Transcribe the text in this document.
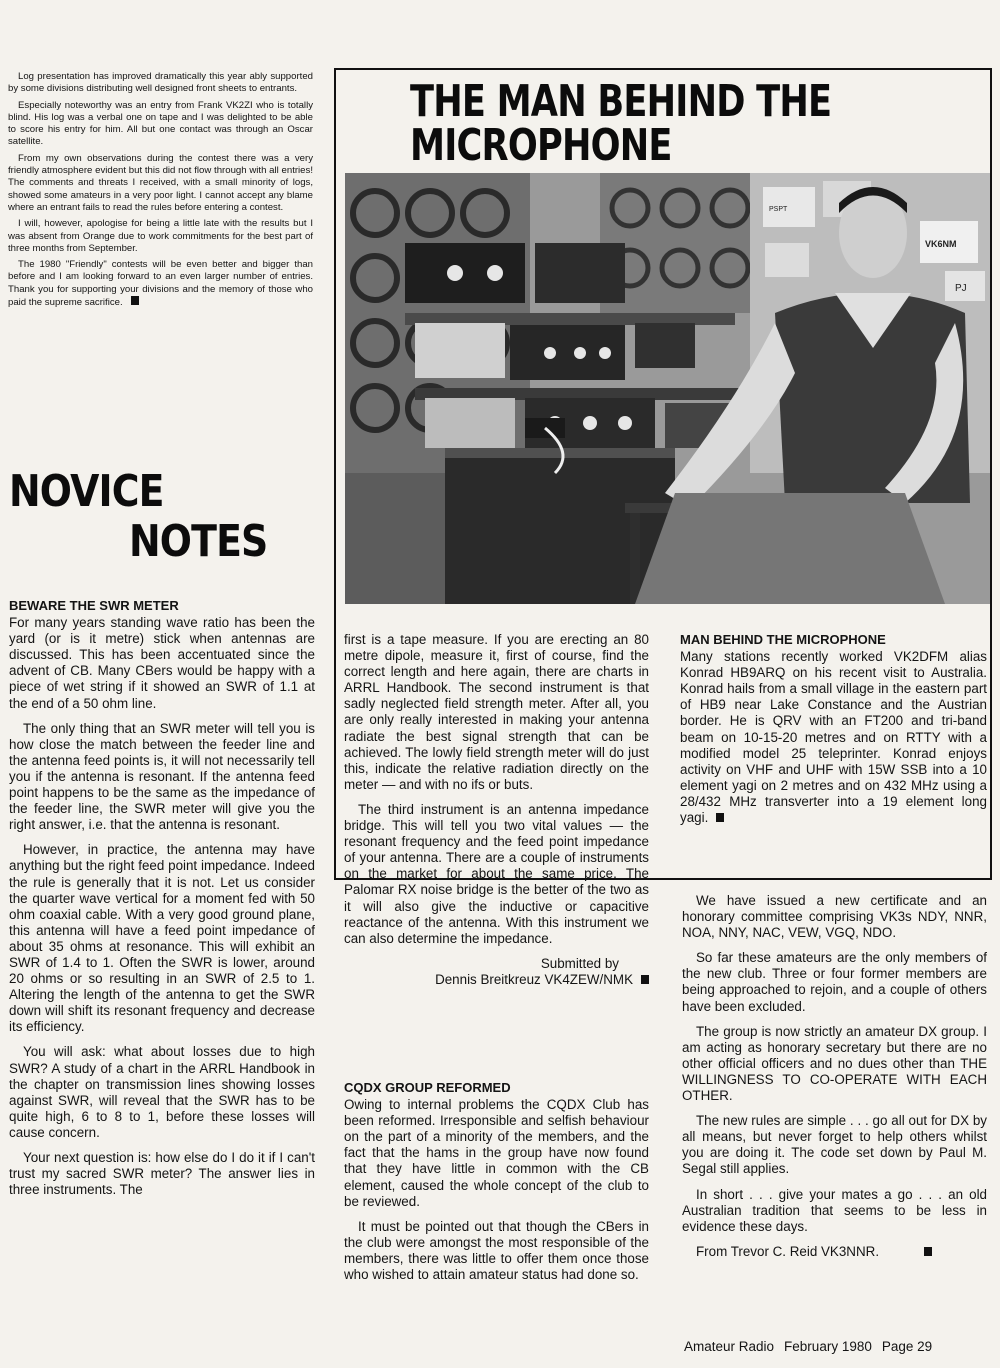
Log presentation has improved dramatically this year ably supported by some divisions distributing well designed front sheets to entrants.

Especially noteworthy was an entry from Frank VK2ZI who is totally blind. His log was a verbal one on tape and I was delighted to be able to score his entry for him. All but one contact was through an Oscar satellite.

From my own observations during the contest there was a very friendly atmosphere evident but this did not flow through with all entries! The comments and threats I received, with a small minority of logs, showed some amateurs in a very poor light. I cannot accept any blame where an entrant fails to read the rules before entering a contest.

I will, however, apologise for being a little late with the results but I was absent from Orange due to work commitments for the best part of three months from September.

The 1980 "Friendly" contests will be even better and bigger than before and I am looking forward to an even larger number of entries. Thank you for supporting your divisions and the memory of those who paid the supreme sacrifice.

NOVICE
NOTES
BEWARE THE SWR METER

For many years standing wave ratio has been the yard (or is it metre) stick when antennas are discussed. This has been accentuated since the advent of CB. Many CBers would be happy with a piece of wet string if it showed an SWR of 1.1 at the end of a 50 ohm line.

The only thing that an SWR meter will tell you is how close the match between the feeder line and the antenna feed points is, it will not necessarily tell you if the antenna is resonant. If the antenna feed point happens to be the same as the impedance of the feeder line, the SWR meter will give you the right answer, i.e. that the antenna is resonant.

However, in practice, the antenna may have anything but the right feed point impedance. Indeed the rule is generally that it is not. Let us consider the quarter wave vertical for a moment fed with 50 ohm coaxial cable. With a very good ground plane, this antenna will have a feed point impedance of about 35 ohms at resonance. This will exhibit an SWR of 1.4 to 1. Often the SWR is lower, around 20 ohms or so resulting in an SWR of 2.5 to 1. Altering the length of the antenna to get the SWR down will shift its resonant frequency and decrease its efficiency.

You will ask: what about losses due to high SWR? A study of a chart in the ARRL Handbook in the chapter on transmission lines showing losses against SWR, will reveal that the SWR has to be quite high, 6 to 8 to 1, before these losses will cause concern.

Your next question is: how else do I do it if I can't trust my sacred SWR meter? The answer lies in three instruments. The

THE MAN BEHIND THE
MICROPHONE
PSPT
VK6NM
PJ
MAN BEHIND THE MICROPHONE

Many stations recently worked VK2DFM alias Konrad HB9ARQ on his recent visit to Australia. Konrad hails from a small village in the eastern part of HB9 near Lake Constance and the Austrian border. He is QRV with an FT200 and tri-band beam on 10-15-20 metres and on RTTY with a modified model 25 teleprinter. Konrad enjoys activity on VHF and UHF with 15W SSB into a 10 element yagi on 2 metres and on 432 MHz using a 28/432 MHz transverter into a 19 element long yagi.

first is a tape measure. If you are erecting an 80 metre dipole, measure it, first of course, find the correct length and here again, there are charts in ARRL Handbook. The second instrument is that sadly neglected field strength meter. After all, you are only really interested in making your antenna radiate the best signal strength that can be achieved. The lowly field strength meter will do just this, indicate the relative radiation directly on the meter — and with no ifs or buts.

The third instrument is an antenna impedance bridge. This will tell you two vital values — the resonant frequency and the feed point impedance of your antenna. There are a couple of instruments on the market for about the same price. The Palomar RX noise bridge is the better of the two as it will also give the inductive or capacitive reactance of the antenna. With this instrument we can also determine the impedance.

Submitted by
Dennis Breitkreuz VK4ZEW/NMK
CQDX GROUP REFORMED

Owing to internal problems the CQDX Club has been reformed. Irresponsible and selfish behaviour on the part of a minority of the members, and the fact that the hams in the group have now found that they have little in common with the CB element, caused the whole concept of the club to be reviewed.

It must be pointed out that though the CBers in the club were amongst the most responsible of the members, there was little to offer them once those who wished to attain amateur status had done so.

We have issued a new certificate and an honorary committee comprising VK3s NDY, NNR, NOA, NNY, NAC, VEW, VGQ, NDO.

So far these amateurs are the only members of the new club. Three or four former members are being approached to rejoin, and a couple of others have been excluded.

The group is now strictly an amateur DX group. I am acting as honorary secretary but there are no other official officers and no dues other than THE WILLINGNESS TO CO-OPERATE WITH EACH OTHER.

The new rules are simple . . . go all out for DX by all means, but never forget to help others whilst you are doing it. The code set down by Paul M. Segal still applies.

In short . . . give your mates a go . . . an old Australian tradition that seems to be less in evidence these days.

From Trevor C. Reid VK3NNR.
Amateur Radio February 1980 Page 29
